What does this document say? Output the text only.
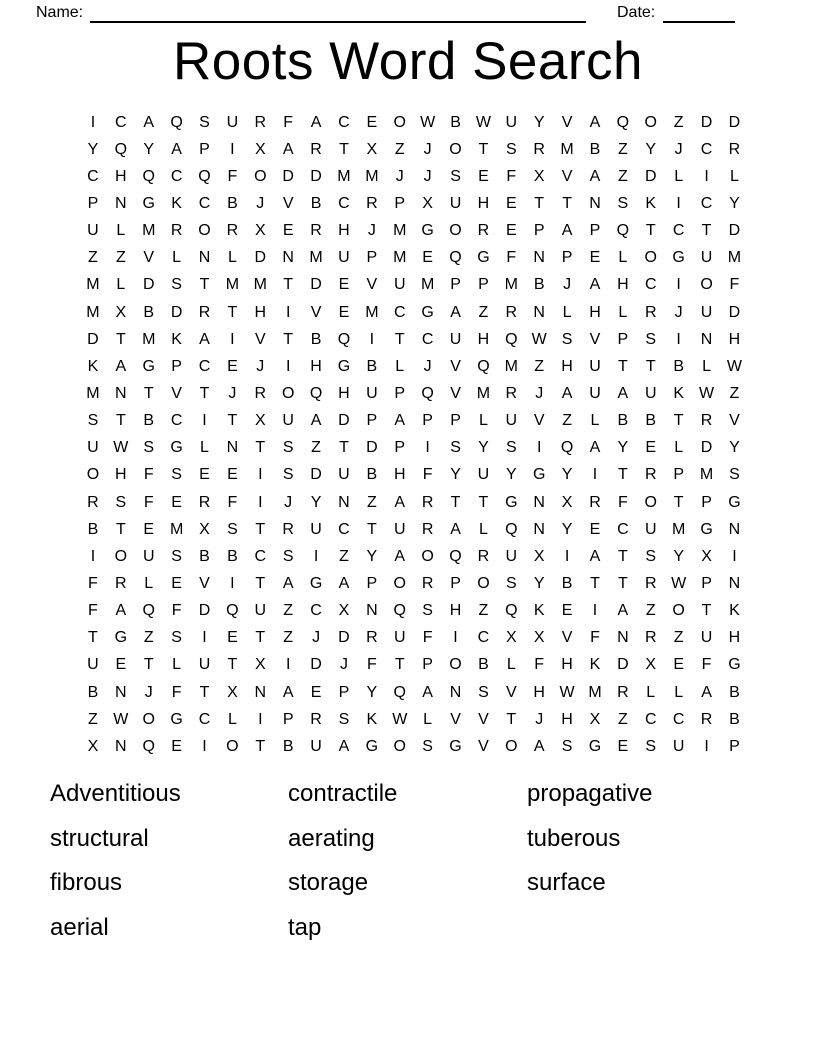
Name:	Date:
Roots Word Search
I	C	A	Q	S	U	R	F	A	C	E	O W B W U	Y	V	A	Q O	Z	D	D
Y	Q	Y	A	P	I	X	A	R	T	X	Z	J	O	T	S	R M B	Z	Y	J	C	R
C	H Q C Q	F	O D	D M M	J	J	S	E	F	X	V	A	Z	D	L	I	L
P	N G	K	C	B	J	V	B	C	R	P	X	U	H	E	T	T	N	S	K	I	C	Y
U	L	M R O R	X	E	R	H	J	M G O R	E	P	A	P	Q	T	C	T	D
Z	Z	V	L	N	L	D	N M U	P M E	Q G	F	N	P	E	L	O G U M
M	L	D	S	T	M M	T	D	E	V	U M P	P M B	J	A	H	C	I	O	F
M X	B	D	R	T	H	I	V	E M C G	A	Z	R	N	L	H	L	R	J	U	D
D	T	M K	A	I	V	T	B	Q	I	T	C	U	H Q W S	V	P	S	I	N	H
K	A	G	P	C	E	J	I	H G	B	L	J	V	Q M	Z	H	U	T	T	B	L W
M N	T	V	T	J	R O Q H	U	P	Q	V M R	J	A	U	A	U	K W Z
S	T	B	C	I	T	X	U	A	D	P	A	P	P	L	U	V	Z	L	B	B	T	R	V
U W S	G	L	N	T	S	Z	T	D	P	I	S	Y	S	I	Q	A	Y	E	L	D	Y
O H	F	S	E	E	I	S	D	U	B	H	F	Y	U	Y	G	Y	I	T	R	P M S
R	S	F	E	R	F	I	J	Y	N	Z	A	R	T	T	G N	X	R	F	O	T	P	G
B	T	E M X	S	T	R	U	C	T	U	R	A	L	Q N	Y	E	C	U M G N
I	O U	S	B	B	C	S	I	Z	Y	A	O Q R	U	X	I	A	T	S	Y	X	I
F	R	L	E	V	I	T	A	G	A	P	O R	P	O	S	Y	B	T	T	R W P	N
F	A	Q	F	D Q U	Z	C	X	N Q	S	H	Z	Q	K	E	I	A	Z	O	T	K
T	G	Z	S	I	E	T	Z	J	D	R	U	F	I	C	X	X	V	F	N	R	Z	U	H
U	E	T	L	U	T	X	I	D	J	F	T	P	O	B	L	F	H	K	D	X	E	F	G
B	N	J	F	T	X	N	A	E	P	Y	Q	A	N	S	V	H W M R	L	L	A	B
Z W O G C	L	I	P	R	S	K W L	V	V	T	J	H	X	Z	C	C	R	B
X	N Q	E	I	O	T	B	U	A	G O	S	G	V	O	A	S	G	E	S	U	I	P
Adventitious
structural
fibrous
aerial
contractile
aerating
storage
tap
propagative
tuberous
surface
